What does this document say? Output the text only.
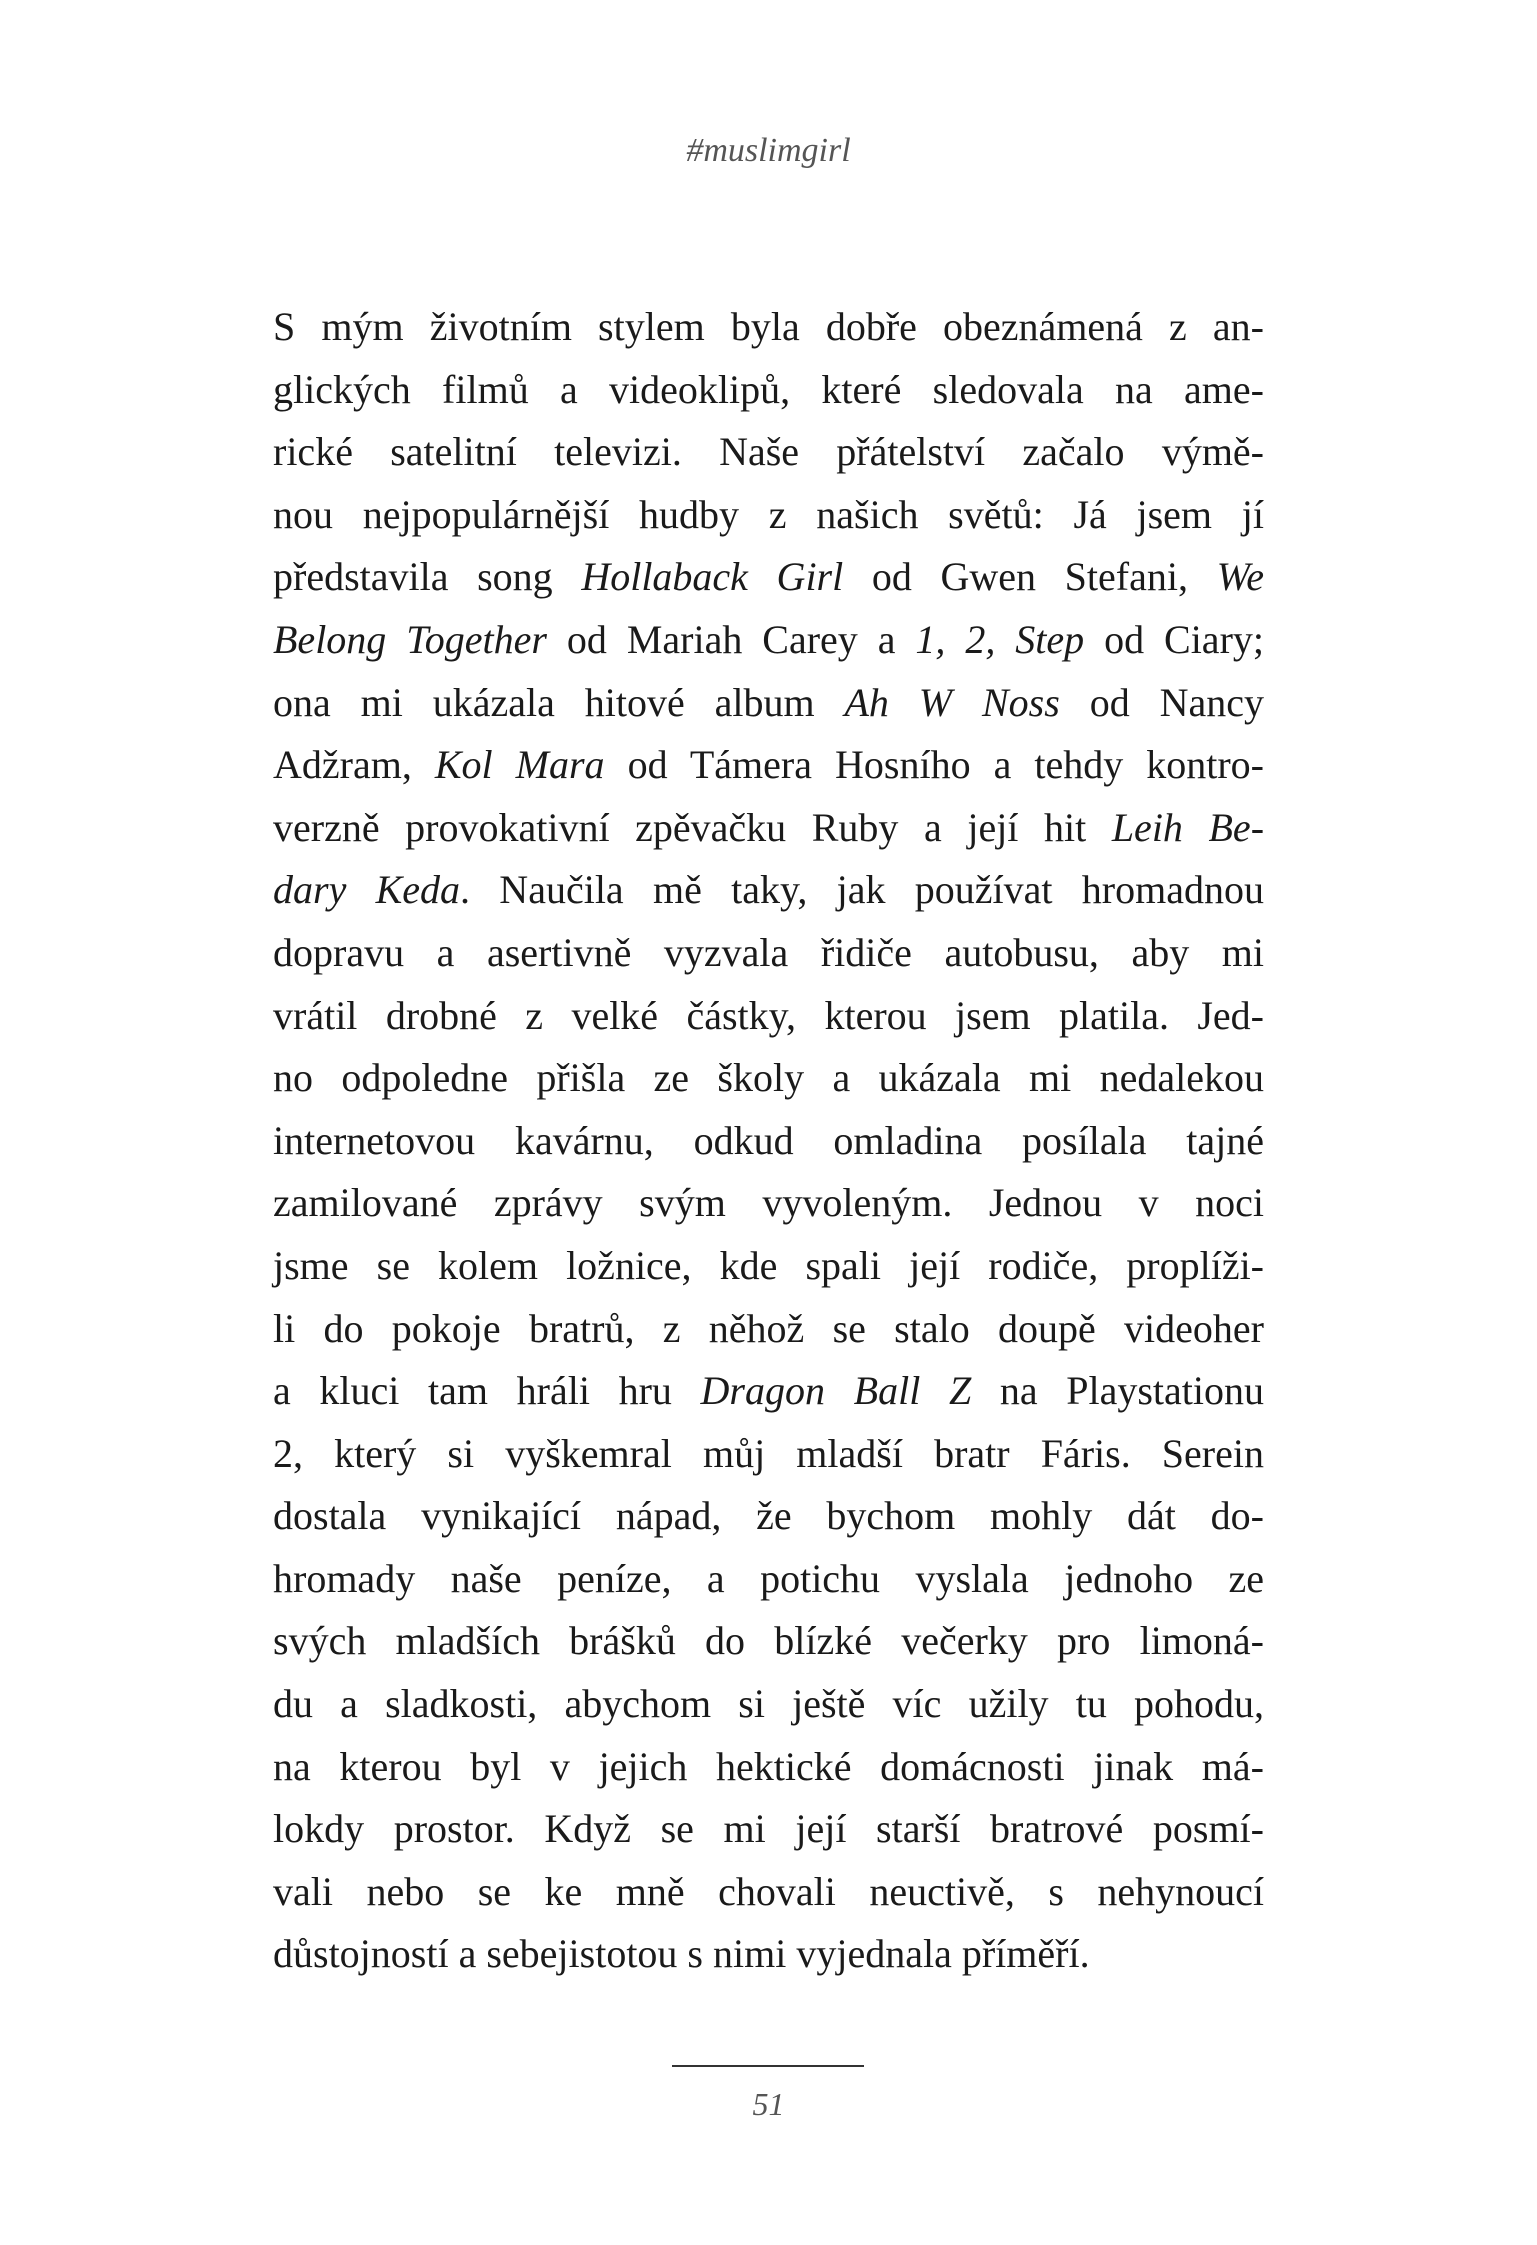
#muslimgirl
S mým životním stylem byla dobře obeznámená z an-
glických filmů a videoklipů, které sledovala na ame-
rické satelitní televizi. Naše přátelství začalo výmě-
nou nejpopulárnější hudby z našich světů: Já jsem jí
představila song Hollaback Girl od Gwen Stefani, We
Belong Together od Mariah Carey a 1, 2, Step od Ciary;
ona mi ukázala hitové album Ah W Noss od Nancy
Adžram, Kol Mara od Támera Hosního a tehdy kontro-
verzně provokativní zpěvačku Ruby a její hit Leih Be-
dary Keda. Naučila mě taky, jak používat hromadnou
dopravu a asertivně vyzvala řidiče autobusu, aby mi
vrátil drobné z velké částky, kterou jsem platila. Jed-
no odpoledne přišla ze školy a ukázala mi nedalekou
internetovou kavárnu, odkud omladina posílala tajné
zamilované zprávy svým vyvoleným. Jednou v noci
jsme se kolem ložnice, kde spali její rodiče, proplíži-
li do pokoje bratrů, z něhož se stalo doupě videoher
a kluci tam hráli hru Dragon Ball Z na Playstationu
2, který si vyškemral můj mladší bratr Fáris. Serein
dostala vynikající nápad, že bychom mohly dát do-
hromady naše peníze, a potichu vyslala jednoho ze
svých mladších brášků do blízké večerky pro limoná-
du a sladkosti, abychom si ještě víc užily tu pohodu,
na kterou byl v jejich hektické domácnosti jinak má-
lokdy prostor. Když se mi její starší bratrové posmí-
vali nebo se ke mně chovali neuctivě, s nehynoucí
důstojností a sebejistotou s nimi vyjednala příměří.
51
